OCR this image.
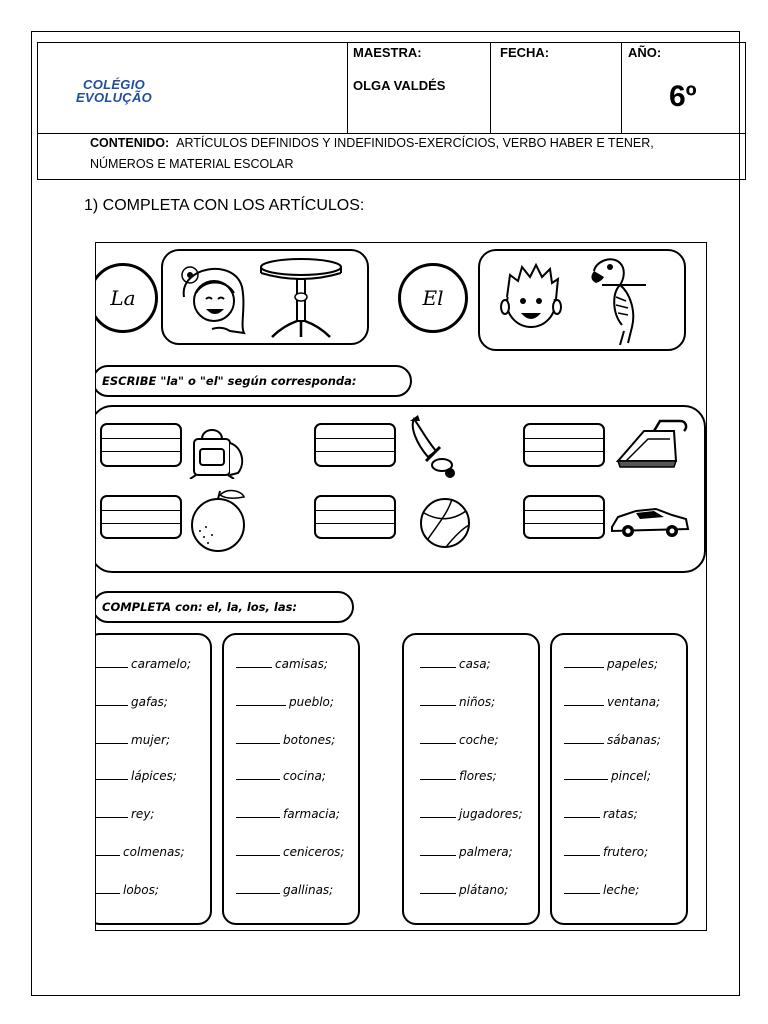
COLÉGIO
EVOLUÇÃO
MAESTRA:
OLGA VALDÉS
FECHA:	AÑO:
6º
CONTENIDO: ARTÍCULOS DEFINIDOS Y INDEFINIDOS-EXERCÍCIOS, VERBO HABER E TENER,
NÚMEROS E MATERIAL ESCOLAR
1) COMPLETA CON LOS ARTÍCULOS:
La	El
ESCRIBE "la" o "el" según corresponda:
COMPLETA con: el, la, los, las:
caramelo;
gafas;
mujer;
lápices;
rey;
colmenas;
lobos;
camisas;
pueblo;
botones;
cocina;
farmacia;
ceniceros;
gallinas;
casa;
niños;
coche;
flores;
jugadores;
palmera;
plátano;
papeles;
ventana;
sábanas;
pincel;
ratas;
frutero;
leche;
